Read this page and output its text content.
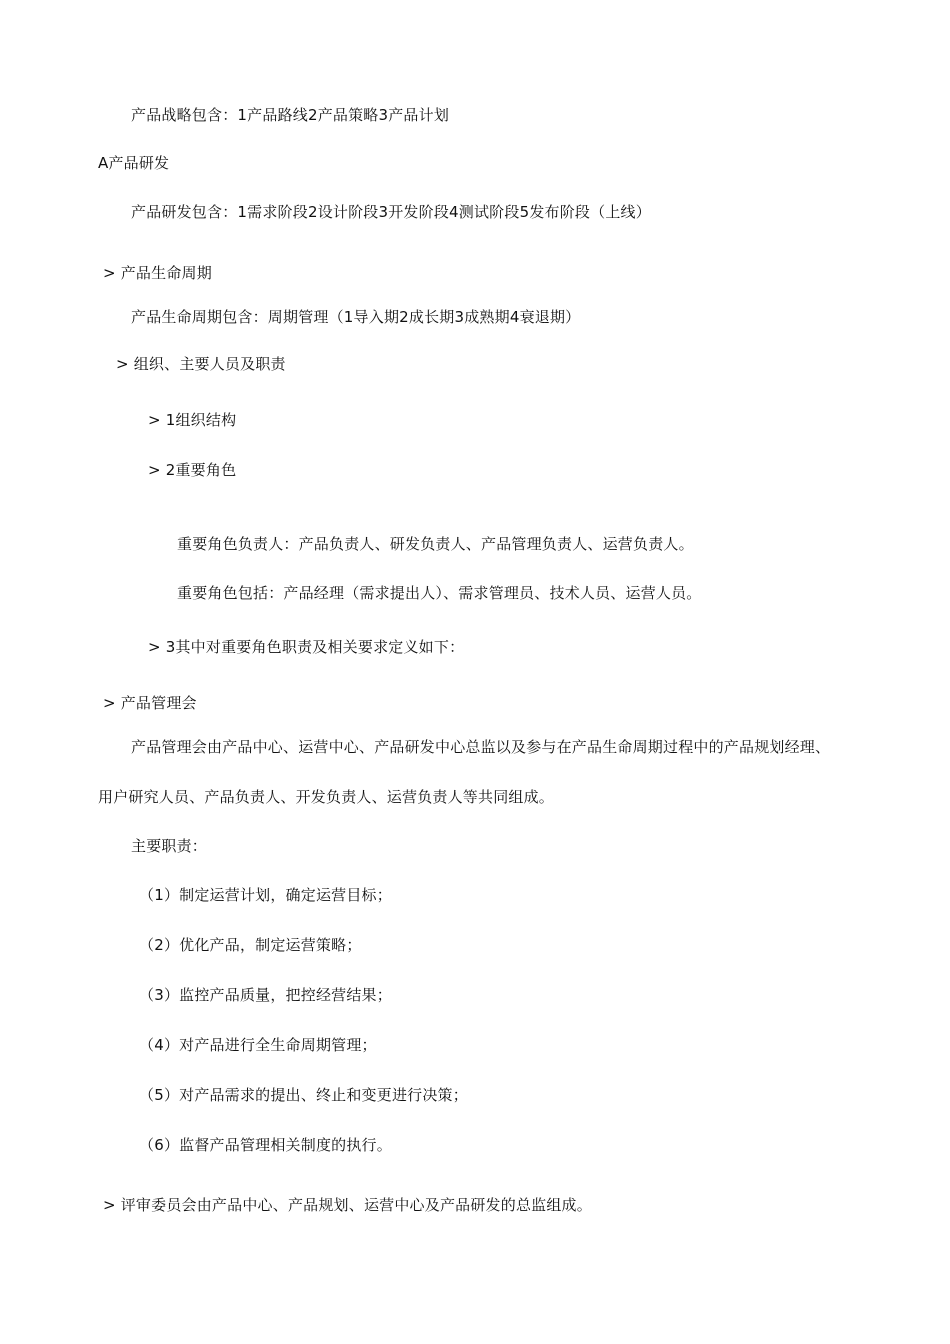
产品战略包含：1产品路线2产品策略3产品计划
A产品研发
产品研发包含：1需求阶段2设计阶段3开发阶段4测试阶段5发布阶段（上线）
> 产品生命周期
产品生命周期包含：周期管理（1导入期2成长期3成熟期4衰退期）
> 组织、主要人员及职责
> 1组织结构
> 2重要角色
重要角色负责人：产品负责人、研发负责人、产品管理负责人、运营负责人。
重要角色包括：产品经理（需求提出人）、需求管理员、技术人员、运营人员。
> 3其中对重要角色职责及相关要求定义如下：
> 产品管理会
产品管理会由产品中心、运营中心、产品研发中心总监以及参与在产品生命周期过程中的产品规划经理、
用户研究人员、产品负责人、开发负责人、运营负责人等共同组成。
主要职责：
（1）制定运营计划，确定运营目标；
（2）优化产品，制定运营策略；
（3）监控产品质量，把控经营结果；
（4）对产品进行全生命周期管理；
（5）对产品需求的提出、终止和变更进行决策；
（6）监督产品管理相关制度的执行。
> 评审委员会由产品中心、产品规划、运营中心及产品研发的总监组成。
